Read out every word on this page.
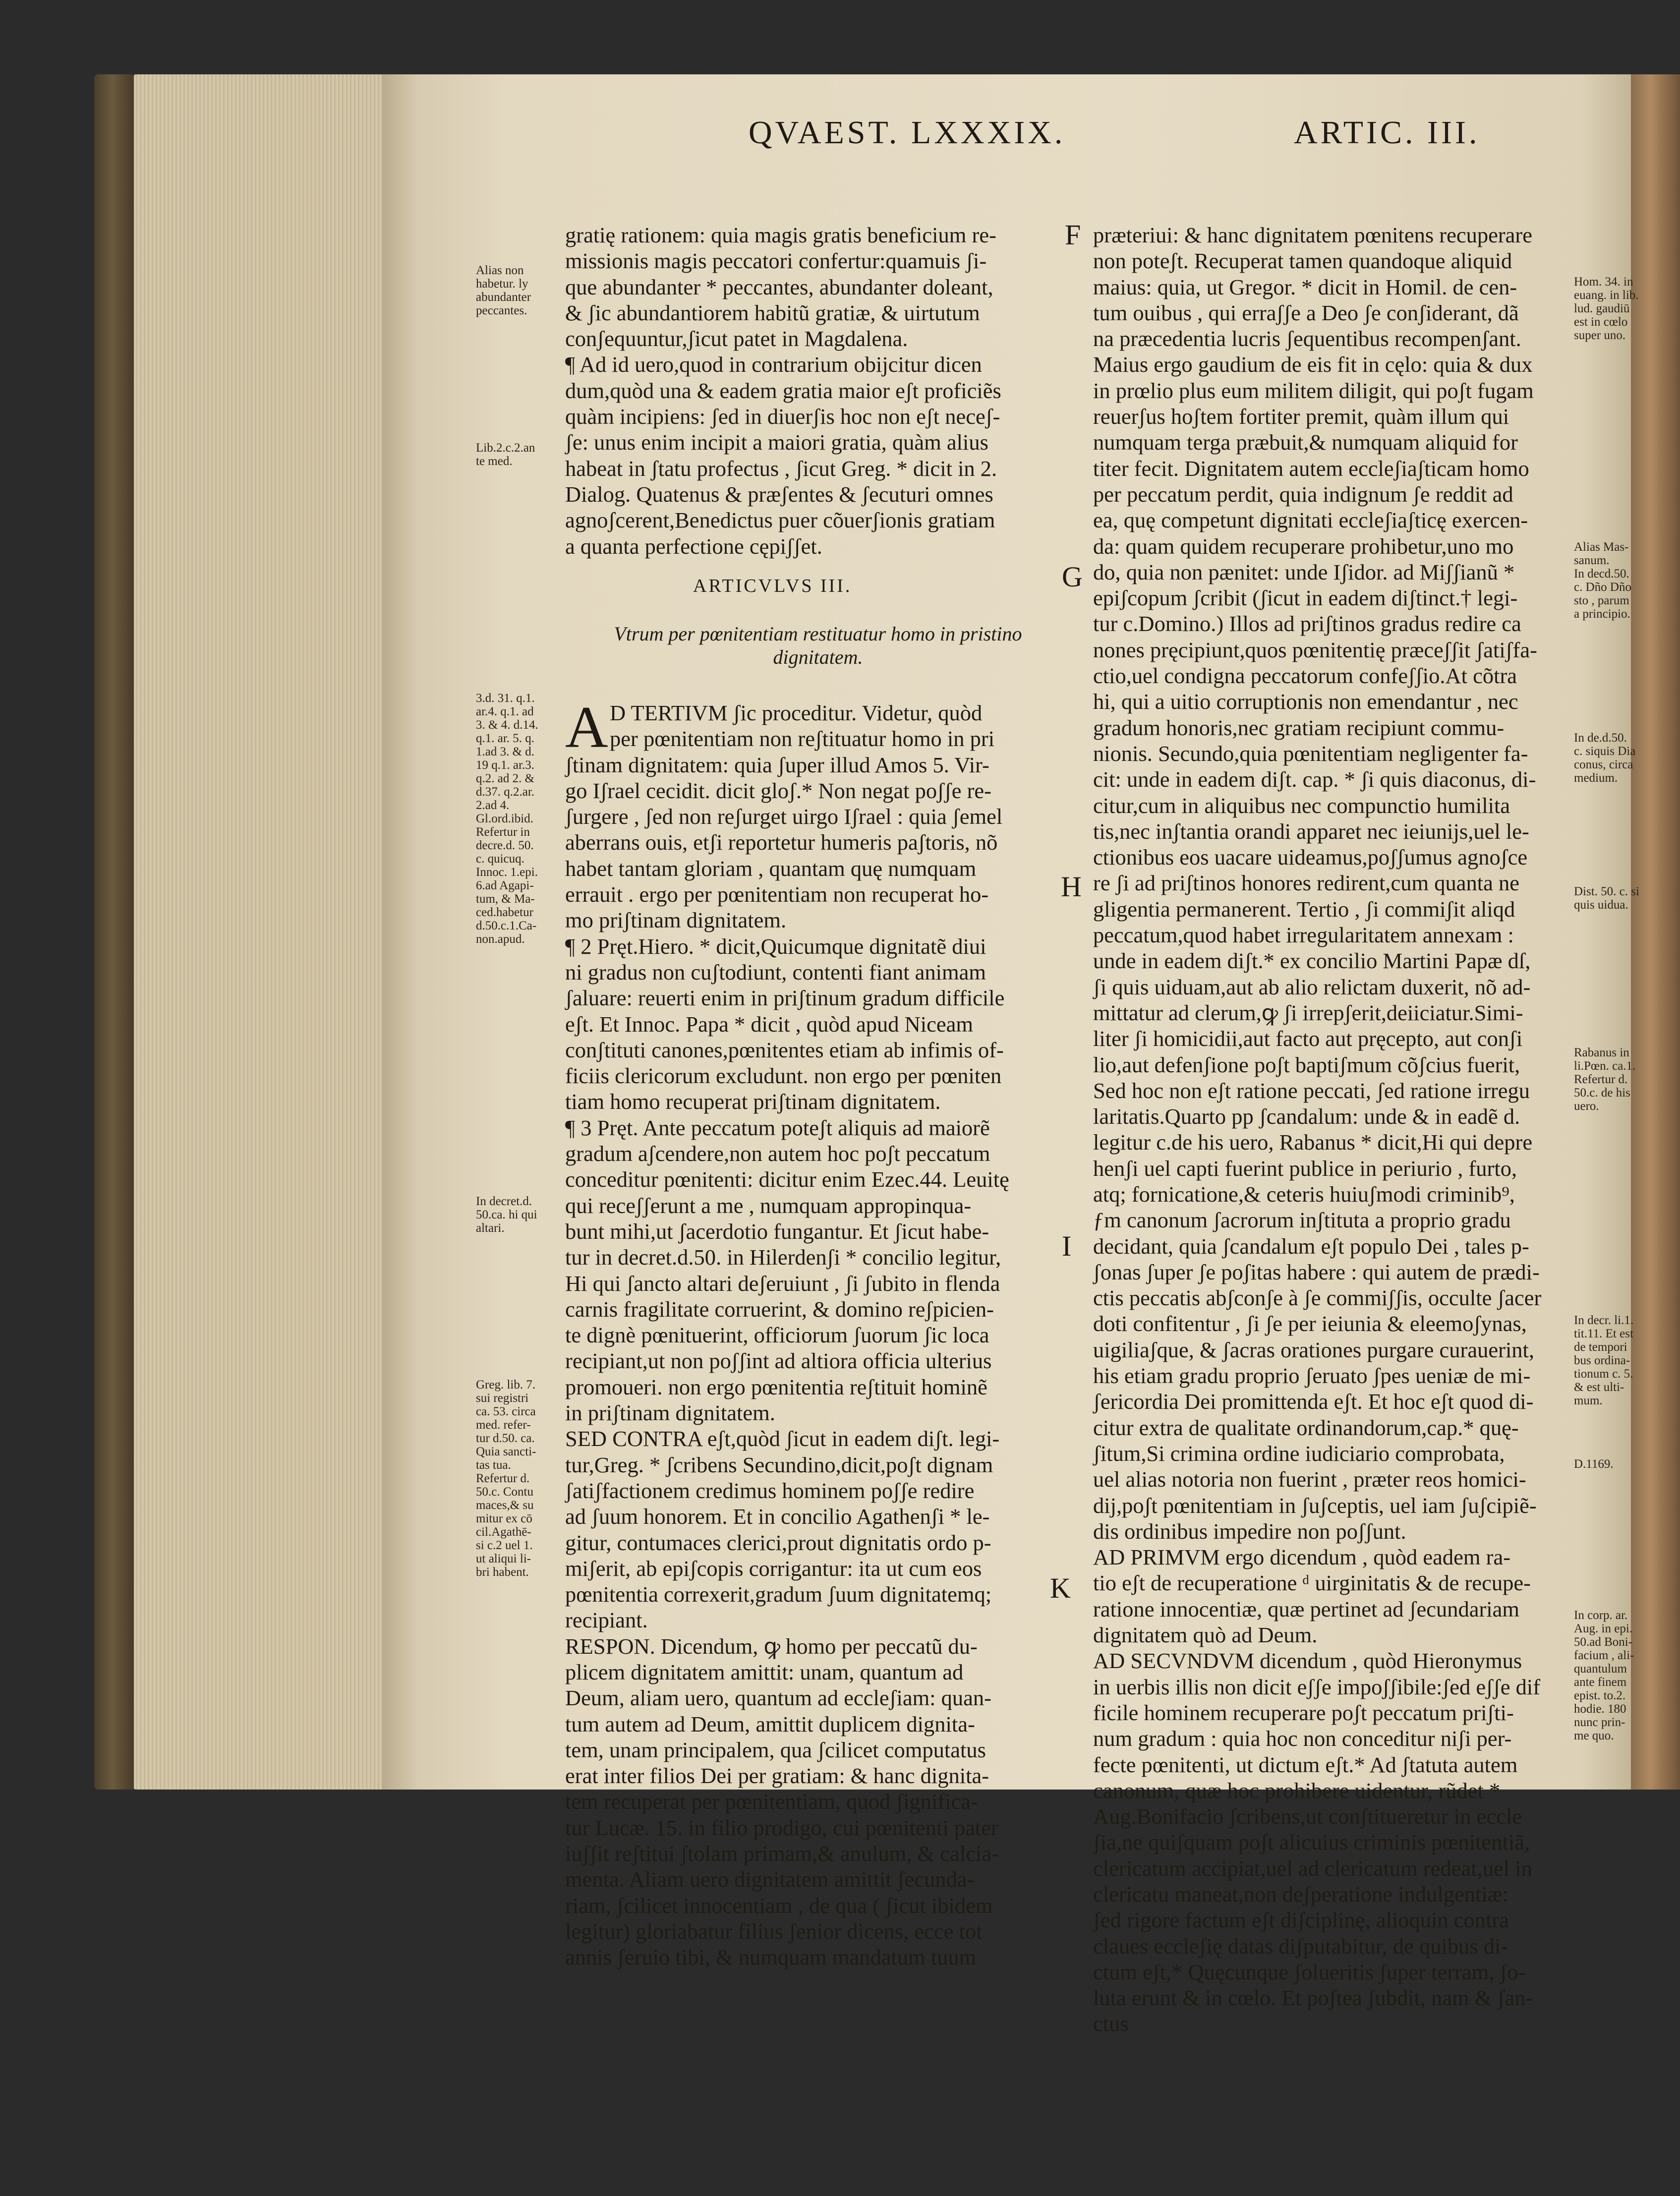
QVAEST. LXXXIX.	ARTIC. III.
gratię rationem: quia magis gratis beneficium re-
missionis magis peccatori confertur:quamuis ʃi-
que abundanter * peccantes, abundanter doleant,
& ʃic abundantiorem habitũ gratiæ, & uirtutum
conʃequuntur,ʃicut patet in Magdalena.
¶ Ad id uero,quod in contrarium obijcitur dicen
dum,quòd una & eadem gratia maior eʃt proficiẽs
quàm incipiens: ʃed in diuerʃis hoc non eʃt neceʃ-
ʃe: unus enim incipit a maiori gratia, quàm alius
habeat in ʃtatu profectus , ʃicut Greg. * dicit in 2.
Dialog. Quatenus & præʃentes & ʃecuturi omnes
agnoʃcerent,Benedictus puer cõuerʃionis gratiam
a quanta perfectione cępiʃʃet.
ARTICVLVS III.
Vtrum per pœnitentiam restituatur homo in pristino
dignitatem.
A D TERTIVM ʃic proceditur. Videtur, quòd
per pœnitentiam non reʃtituatur homo in pri
ʃtinam dignitatem: quia ʃuper illud Amos 5. Vir-
go Iʃrael cecidit. dicit gloʃ.* Non negat poʃʃe re-
ʃurgere , ʃed non reʃurget uirgo Iʃrael : quia ʃemel
aberrans ouis, etʃi reportetur humeris paʃtoris, nõ
habet tantam gloriam , quantam quę numquam
errauit . ergo per pœnitentiam non recuperat ho-
mo priʃtinam dignitatem.
¶ 2 Pręt.Hiero. * dicit,Quicumque dignitatẽ diui
ni gradus non cuʃtodiunt, contenti fiant animam
ʃaluare: reuerti enim in priʃtinum gradum difficile
eʃt. Et Innoc. Papa * dicit , quòd apud Niceam
conʃtituti canones,pœnitentes etiam ab infimis of-
ficiis clericorum excludunt. non ergo per pœniten
tiam homo recuperat priʃtinam dignitatem.
¶ 3 Pręt. Ante peccatum poteʃt aliquis ad maiorẽ
gradum aʃcendere,non autem hoc poʃt peccatum
conceditur pœnitenti: dicitur enim Ezec.44. Leuitę
qui receʃʃerunt a me , numquam appropinqua-
bunt mihi,ut ʃacerdotio fungantur. Et ʃicut habe-
tur in decret.d.50. in Hilerdenʃi * concilio legitur,
Hi qui ʃancto altari deʃeruiunt , ʃi ʃubito in flenda
carnis fragilitate corruerint, & domino reʃpicien-
te dignè pœnituerint, officiorum ʃuorum ʃic loca
recipiant,ut non poʃʃint ad altiora officia ulterius
promoueri. non ergo pœnitentia reʃtituit hominẽ
in priʃtinam dignitatem.
SED CONTRA eʃt,quòd ʃicut in eadem diʃt. legi-
tur,Greg. * ʃcribens Secundino,dicit,poʃt dignam
ʃatiʃfactionem credimus hominem poʃʃe redire
ad ʃuum honorem. Et in concilio Agathenʃi * le-
gitur, contumaces clerici,prout dignitatis ordo p-
miʃerit, ab epiʃcopis corrigantur: ita ut cum eos
pœnitentia correxerit,gradum ʃuum dignitatemq;
recipiant.
RESPON. Dicendum, ꝙ homo per peccatũ du-
plicem dignitatem amittit: unam, quantum ad
Deum, aliam uero, quantum ad eccleʃiam: quan-
tum autem ad Deum, amittit duplicem dignita-
tem, unam principalem, qua ʃcilicet computatus
erat inter filios Dei per gratiam: & hanc dignita-
tem recuperat per pœnitentiam, quod ʃignifica-
tur Lucæ. 15. in filio prodigo, cui pœnitenti pater
iuʃʃit reʃtitui ʃtolam primam,& anulum, & calcia-
menta. Aliam uero dignitatem amittit ʃecunda-
riam, ʃcilicet innocentiam , de qua ( ʃicut ibidem
legitur) gloriabatur filius ʃenior dicens, ecce tot
annis ʃeruio tibi, & numquam mandatum tuum
præteriui: & hanc dignitatem pœnitens recuperare
non poteʃt. Recuperat tamen quandoque aliquid
maius: quia, ut Gregor. * dicit in Homil. de cen-
tum ouibus , qui erraʃʃe a Deo ʃe conʃiderant, dã
na præcedentia lucris ʃequentibus recompenʃant.
Maius ergo gaudium de eis fit in cęlo: quia & dux
in prœlio plus eum militem diligit, qui poʃt fugam
reuerʃus hoʃtem fortiter premit, quàm illum qui
numquam terga præbuit,& numquam aliquid for
titer fecit. Dignitatem autem eccleʃiaʃticam homo
per peccatum perdit, quia indignum ʃe reddit ad
ea, quę competunt dignitati eccleʃiaʃticę exercen-
da: quam quidem recuperare prohibetur,uno mo
do, quia non pænitet: unde Iʃidor. ad Miʃʃianũ *
epiʃcopum ʃcribit (ʃicut in eadem diʃtinct.† legi-
tur c.Domino.) Illos ad priʃtinos gradus redire ca
nones pręcipiunt,quos pœnitentię præceʃʃit ʃatiʃfa-
ctio,uel condigna peccatorum confeʃʃio.At cõtra
hi, qui a uitio corruptionis non emendantur , nec
gradum honoris,nec gratiam recipiunt commu-
nionis. Secundo,quia pœnitentiam negligenter fa-
cit: unde in eadem diʃt. cap. * ʃi quis diaconus, di-
citur,cum in aliquibus nec compunctio humilita
tis,nec inʃtantia orandi apparet nec ieiunijs,uel le-
ctionibus eos uacare uideamus,poʃʃumus agnoʃce
re ʃi ad priʃtinos honores redirent,cum quanta ne
gligentia permanerent. Tertio , ʃi commiʃit aliqd
peccatum,quod habet irregularitatem annexam :
unde in eadem diʃt.* ex concilio Martini Papæ dſ,
ʃi quis uiduam,aut ab alio relictam duxerit, nõ ad-
mittatur ad clerum,ꝙ ʃi irrepʃerit,deiiciatur.Simi-
liter ʃi homicidii,aut facto aut pręcepto, aut conʃi
lio,aut defenʃione poʃt baptiʃmum cõʃcius fuerit,
Sed hoc non eʃt ratione peccati, ʃed ratione irregu
laritatis.Quarto pp ʃcandalum: unde & in eadẽ d.
legitur c.de his uero, Rabanus * dicit,Hi qui depre
henʃi uel capti fuerint publice in periurio , furto,
atq; fornicatione,& ceteris huiuʃmodi criminib⁹,
ƒm canonum ʃacrorum inʃtituta a proprio gradu
decidant, quia ʃcandalum eʃt populo Dei , tales p-
ʃonas ʃuper ʃe poʃitas habere : qui autem de prædi-
ctis peccatis abʃconʃe à ʃe commiʃʃis, occulte ʃacer
doti confitentur , ʃi ʃe per ieiunia & eleemoʃynas,
uigiliaʃque, & ʃacras orationes purgare curauerint,
his etiam gradu proprio ʃeruato ʃpes ueniæ de mi-
ʃericordia Dei promittenda eʃt. Et hoc eʃt quod di-
citur extra de qualitate ordinandorum,cap.* quę-
ʃitum,Si crimina ordine iudiciario comprobata,
uel alias notoria non fuerint , præter reos homici-
dij,poʃt pœnitentiam in ʃuʃceptis, uel iam ʃuʃcipiẽ-
dis ordinibus impedire non poʃʃunt.
AD PRIMVM ergo dicendum , quòd eadem ra-
tio eʃt de recuperatione ᵈ uirginitatis & de recupe-
ratione innocentiæ, quæ pertinet ad ʃecundariam
dignitatem quò ad Deum.
AD SECVNDVM dicendum , quòd Hieronymus
in uerbis illis non dicit eʃʃe impoʃʃibile:ʃed eʃʃe dif
ficile hominem recuperare poʃt peccatum priʃti-
num gradum : quia hoc non conceditur niʃi per-
fecte pœnitenti, ut dictum eʃt.* Ad ʃtatuta autem
canonum, quæ hoc prohibere uidentur, rũdet *
Aug.Bonifacio ʃcribens,ut conʃtitueretur in eccle
ʃia,ne quiʃquam poʃt alicuius criminis pœnitentiã,
clericatum accipiat,uel ad clericatum redeat,uel in
clericatu maneat,non deʃperatione indulgentiæ:
ʃed rigore factum eʃt diʃciplinę, alioquin contra
claues eccleʃię datas diʃputabitur, de quibus di-
ctum eʃt,* Quęcunque ʃolueritis ʃuper terram, ʃo-
luta erunt & in cœlo. Et poʃtea ʃubdit, nam & ʃan-
ctus
F
G
H
I
K
Alias non
habetur. ly
abundanter
peccantes.
Lib.2.c.2.an
te med.
3.d. 31. q.1.
ar.4. q.1. ad
3. & 4. d.14.
q.1. ar. 5. q.
1.ad 3. & d.
19 q.1. ar.3.
q.2. ad 2. &
d.37. q.2.ar.
2.ad 4.
Gl.ord.ibid.
Refertur in
decre.d. 50.
c. quicuq.
Innoc. 1.epi.
6.ad Agapi-
tum, & Ma-
ced.habetur
d.50.c.1.Ca-
non.apud.
In decret.d.
50.ca. hi qui
altari.
Greg. lib. 7.
sui registri
ca. 53. circa
med. refer-
tur d.50. ca.
Quia sancti-
tas tua.
Refertur d.
50.c. Contu
maces,& su
mitur ex cō
cil.Agathē-
si c.2 uel 1.
ut aliqui li-
bri habent.
Hom. 34. in
euang. in lib.
lud. gaudiū
est in cœlo
super uno.
Alias Mas-
sanum.
In decd.50.
c. Dño Dño
sto , parum
a principio.
In de.d.50.
c. siquis Dia
conus, circa
medium.
Dist. 50. c. si
quis uidua.
Rabanus in
li.Pœn. ca.1.
Refertur d.
50.c. de his
uero.
In decr. li.1.
tit.11. Et est
de tempori
bus ordina-
tionum c. 5.
& est ulti-
mum.
D.1169.
In corp. ar.
Aug. in epi.
50.ad Boni-
facium , ali-
quantulum
ante finem
epist. to.2.
hodie. 180
nunc prin-
me quo.
